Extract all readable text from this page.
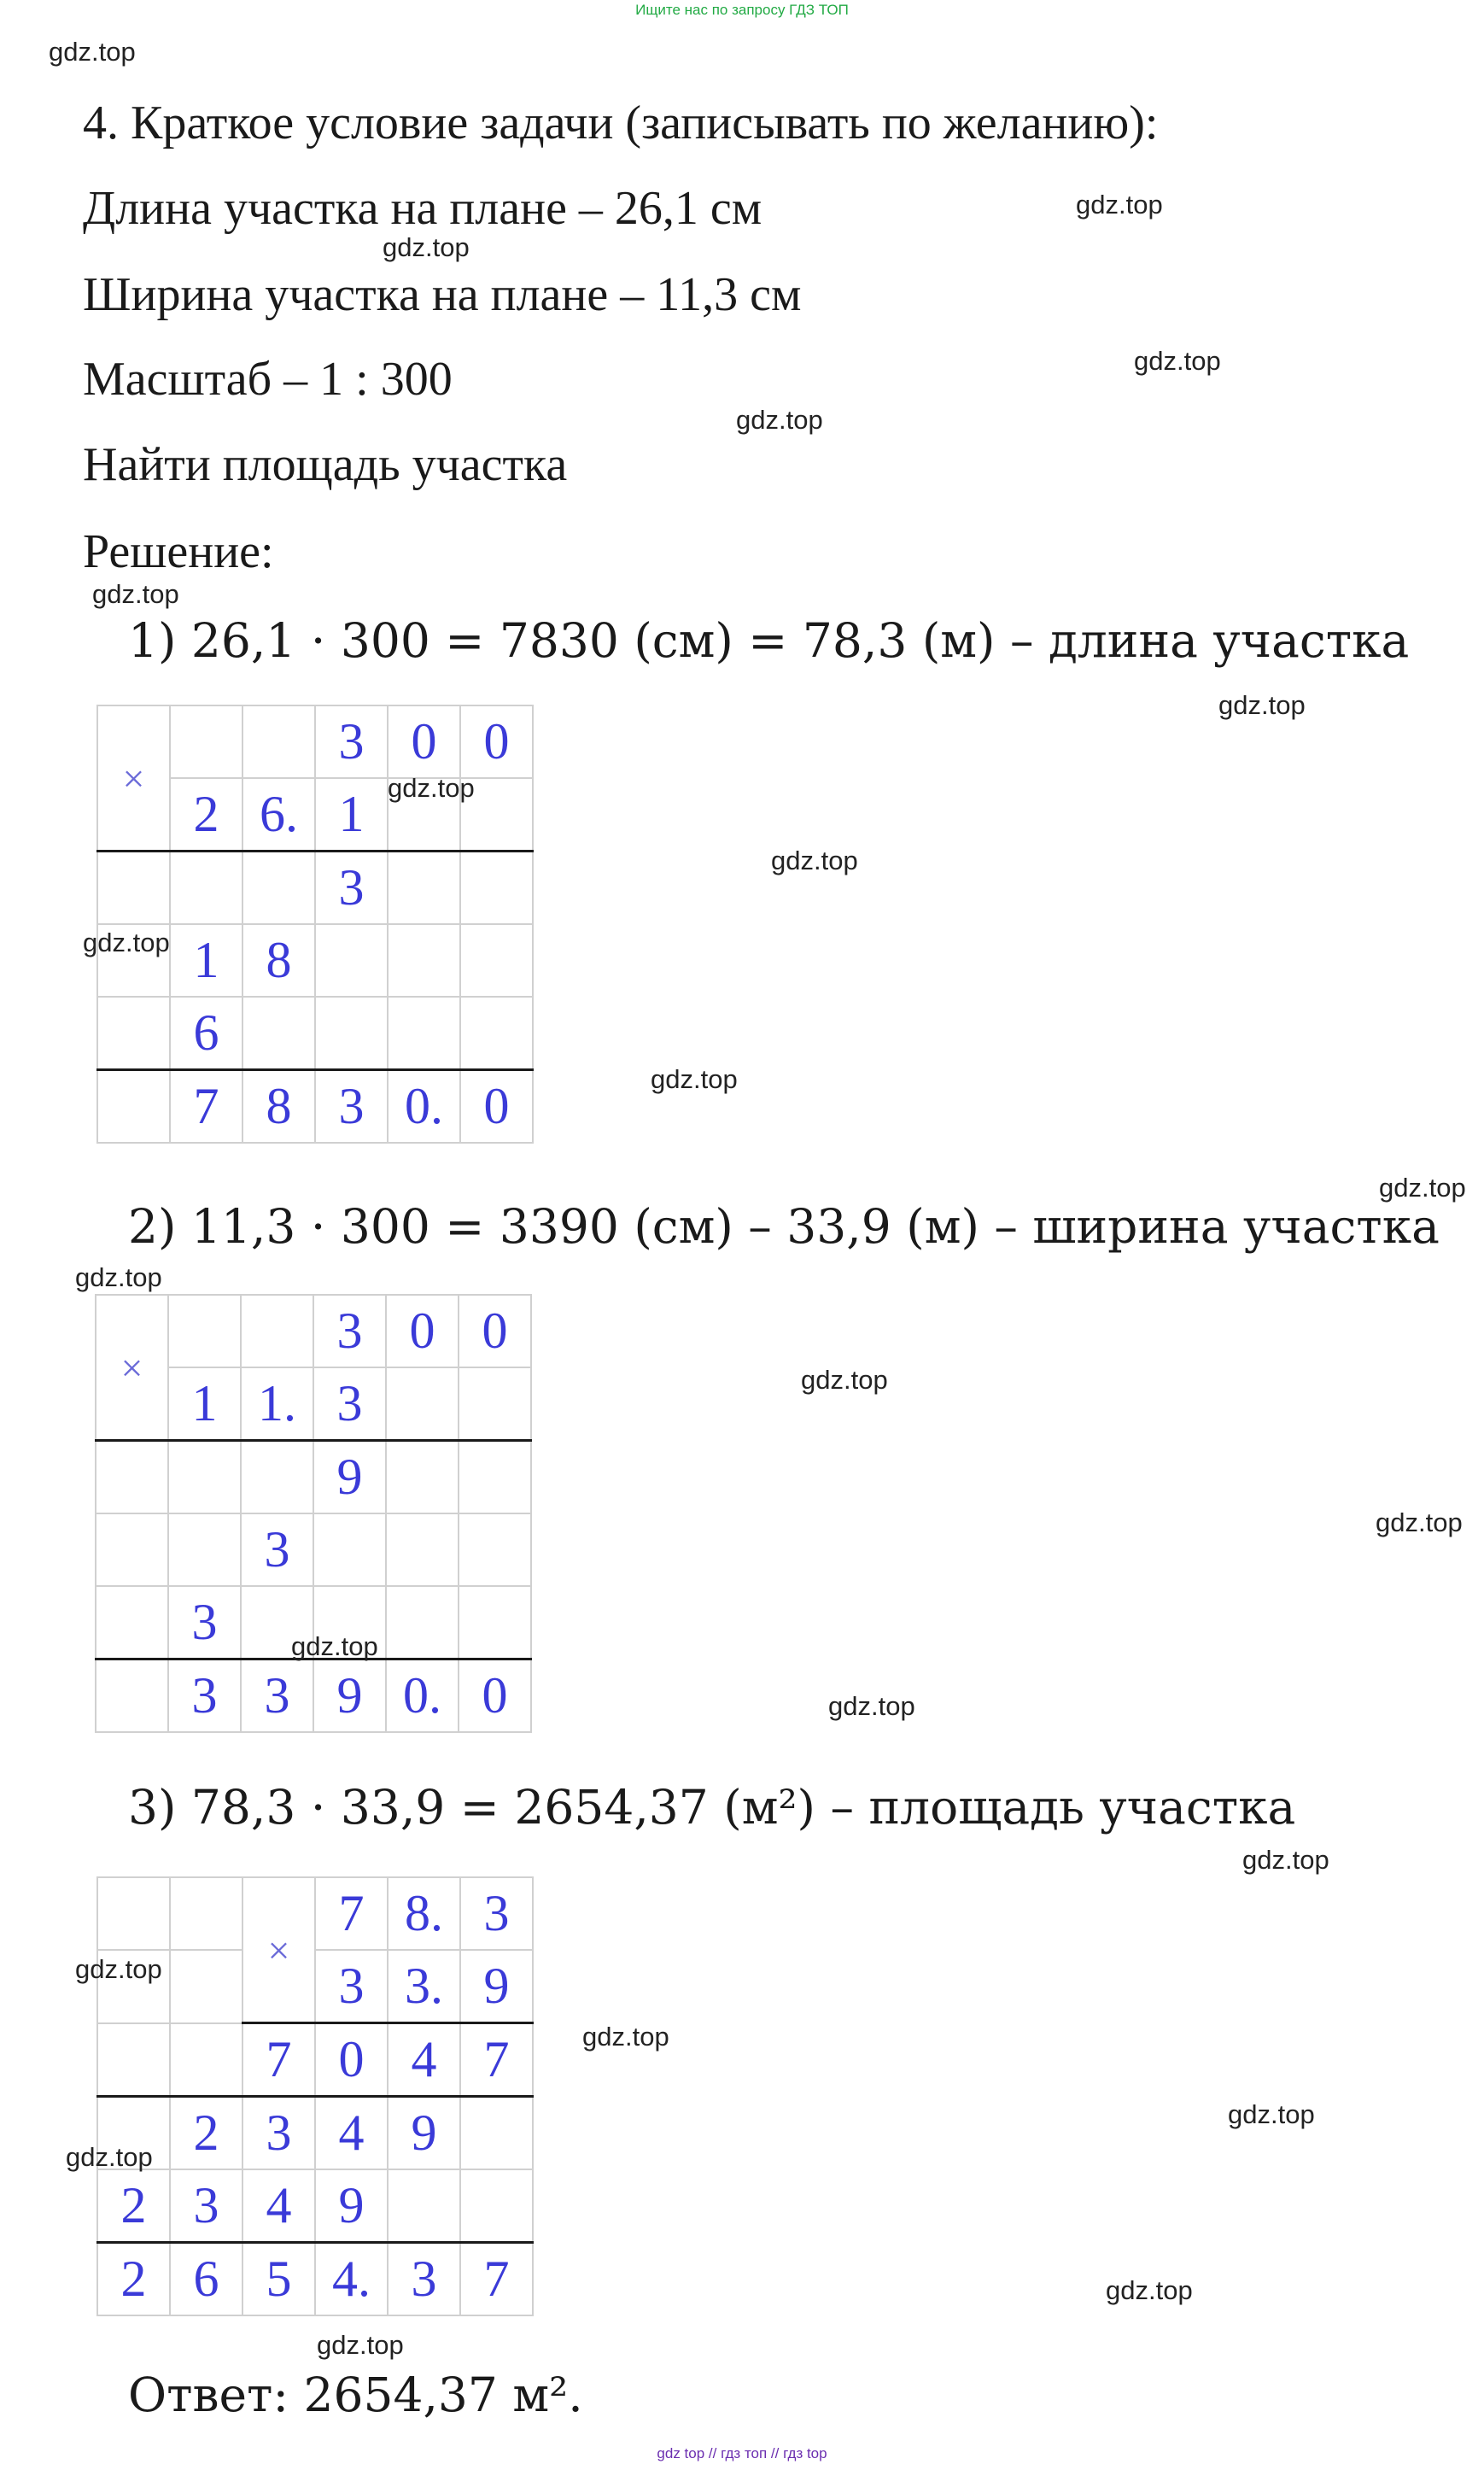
Ищите нас по запросу ГДЗ ТОП
gdz.top
4. Краткое условие задачи (записывать по желанию):
Длина участка на плане – 26,1 см	gdz.top
gdz.top
Ширина участка на плане – 11,3 см
Масштаб – 1 : 300	gdz.top
gdz.top
Найти площадь участка
Решение:
gdz.top
1) 26,1 · 300 = 7830 (см) = 78,3 (м) – длина участка
gdz.top
×			3	0	0
	2	6.	1		
			3		
	1	8			
	6				
	7	8	3	0.	0
gdz.top
gdz.top
gdz.top
gdz.top
gdz.top
2) 11,3 · 300 = 3390 (см) – 33,9 (м) – ширина участка
gdz.top
×			3	0	0
	1	1.	3		
			9		
		3			
	3				
	3	3	9	0.	0
gdz.top
gdz.top
gdz.top
gdz.top
3) 78,3 · 33,9 = 2654,37 (м²) – площадь участка
gdz.top
		×	7	8.	3
			3	3.	9
		7	0	4	7
	2	3	4	9	
2	3	4	9		
2	6	5	4.	3	7
gdz.top
gdz.top
gdz.top
gdz.top
gdz.top
gdz.top
Ответ: 2654,37 м².
gdz top // гдз топ // гдз top
